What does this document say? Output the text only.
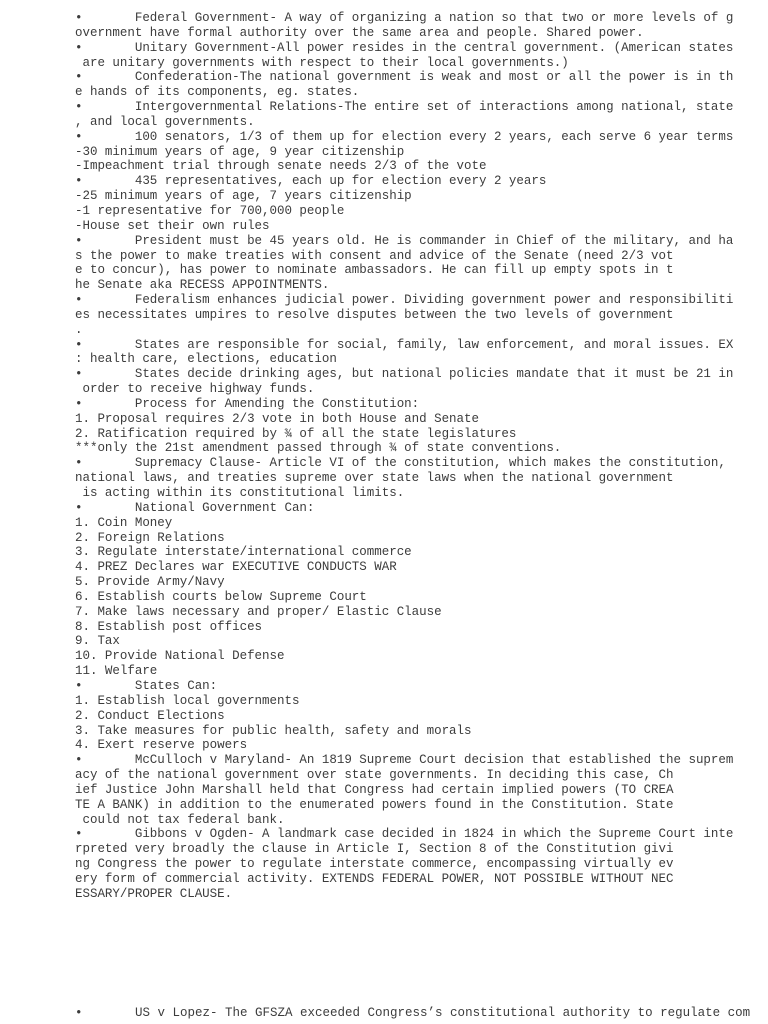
•       Federal Government- A way of organizing a nation so that two or more levels of g
overnment have formal authority over the same area and people. Shared power.
•       Unitary Government-All power resides in the central government. (American states
are unitary governments with respect to their local governments.)
•       Confederation-The national government is weak and most or all the power is in th
e hands of its components, eg. states.
•       Intergovernmental Relations-The entire set of interactions among national, state
, and local governments.
•       100 senators, 1/3 of them up for election every 2 years, each serve 6 year terms
-30 minimum years of age, 9 year citizenship
-Impeachment trial through senate needs 2/3 of the vote
•       435 representatives, each up for election every 2 years
-25 minimum years of age, 7 years citizenship
-1 representative for 700,000 people
-House set their own rules
•       President must be 45 years old. He is commander in Chief of the military, and ha
s the power to make treaties with consent and advice of the Senate (need 2/3 vot
e to concur), has power to nominate ambassadors. He can fill up empty spots in t
he Senate aka RECESS APPOINTMENTS.
•       Federalism enhances judicial power. Dividing government power and responsibiliti
es necessitates umpires to resolve disputes between the two levels of government
.
•       States are responsible for social, family, law enforcement, and moral issues. EX
: health care, elections, education
•       States decide drinking ages, but national policies mandate that it must be 21 in
order to receive highway funds.
•       Process for Amending the Constitution:
1. Proposal requires 2/3 vote in both House and Senate
2. Ratification required by ¾ of all the state legislatures
***only the 21st amendment passed through ¾ of state conventions.
•       Supremacy Clause- Article VI of the constitution, which makes the constitution,
national laws, and treaties supreme over state laws when the national government
is acting within its constitutional limits.
•       National Government Can:
1. Coin Money
2. Foreign Relations
3. Regulate interstate/international commerce
4. PREZ Declares war EXECUTIVE CONDUCTS WAR
5. Provide Army/Navy
6. Establish courts below Supreme Court
7. Make laws necessary and proper/ Elastic Clause
8. Establish post offices
9. Tax
10. Provide National Defense
11. Welfare
•       States Can:
1. Establish local governments
2. Conduct Elections
3. Take measures for public health, safety and morals
4. Exert reserve powers
•       McCulloch v Maryland- An 1819 Supreme Court decision that established the suprem
acy of the national government over state governments. In deciding this case, Ch
ief Justice John Marshall held that Congress had certain implied powers (TO CREA
TE A BANK) in addition to the enumerated powers found in the Constitution. State
could not tax federal bank.
•       Gibbons v Ogden- A landmark case decided in 1824 in which the Supreme Court inte
rpreted very broadly the clause in Article I, Section 8 of the Constitution givi
ng Congress the power to regulate interstate commerce, encompassing virtually ev
ery form of commercial activity. EXTENDS FEDERAL POWER, NOT POSSIBLE WITHOUT NEC
ESSARY/PROPER CLAUSE.
•       US v Lopez- The GFSZA exceeded Congress’s constitutional authority to regulate com
